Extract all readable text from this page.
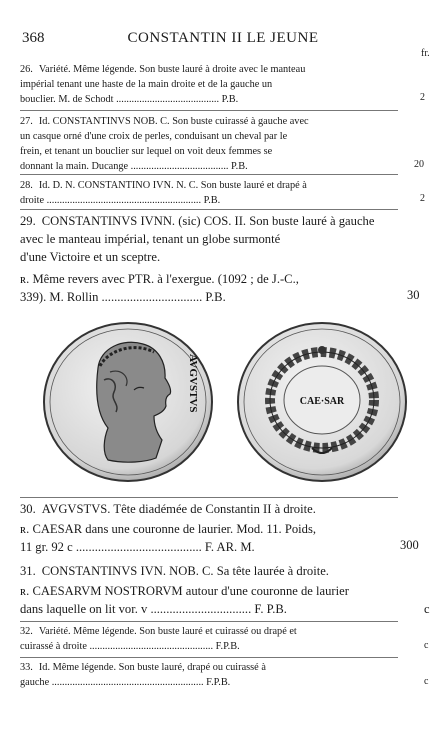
368	CONSTANTIN II LE JEUNE
fr.
26. Variété. Même légende. Son buste lauré à droite avec le manteau
impérial tenant une haste de la main droite et de la gauche un
bouclier. M. de Schodt ........................................ P.B.	2
27. Id. CONSTANTINVS NOB. C. Son buste cuirassé à gauche avec
un casque orné d'une croix de perles, conduisant un cheval par le
frein, et tenant un bouclier sur lequel on voit deux femmes se
donnant la main. Ducange ...................................... P.B.	20
28. Id. D. N. CONSTANTINO IVN. N. C. Son buste lauré et drapé à
droite ............................................................ P.B.	2
29. CONSTANTINVS IVNN. (sic) COS. II. Son buste lauré à gauche
avec le manteau impérial, tenant un globe surmonté
d'une Victoire et un sceptre.
ʀ. Même revers avec PTR. à l'exergue. (1092 ; de J.-C.,
339). M. Rollin ................................ P.B.	30
AVGVSTVS	CAE·SAR
30. AVGVSTVS. Tête diadémée de Constantin II à droite.
ʀ. CAESAR dans une couronne de laurier. Mod. 11. Poids,
11 gr. 92 c ........................................ F. AR. M.	300
31. CONSTANTINVS IVN. NOB. C. Sa tête laurée à droite.
ʀ. CAESARVM NOSTRORVM autour d'une couronne de laurier
dans laquelle on lit vor. v ................................ F. P.B.	c
32. Variété. Même légende. Son buste lauré et cuirassé ou drapé et
cuirassé à droite ................................................ F.P.B.	c
33. Id. Même légende. Son buste lauré, drapé ou cuirassé à
gauche ........................................................... F.P.B.	c
